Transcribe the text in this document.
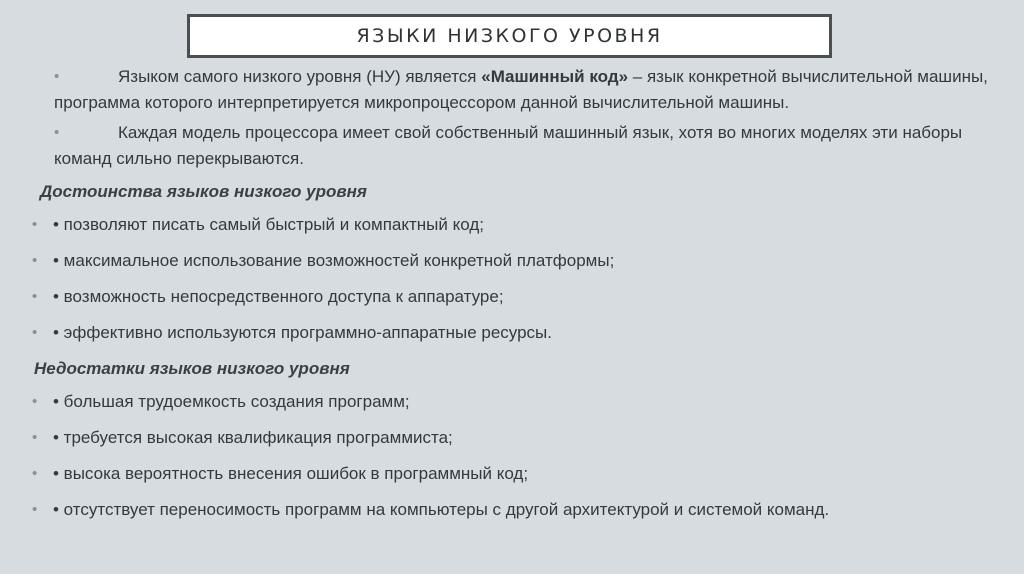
ЯЗЫКИ НИЗКОГО УРОВНЯ
•	Языком самого низкого уровня (НУ) является «Машинный код» – язык конкретной вычислительной машины, программа которого интерпретируется микропроцессором данной вычислительной машины.
•	Каждая модель процессора имеет свой собственный машинный язык, хотя во многих моделях эти наборы команд сильно перекрываются.
Достоинства языков низкого уровня
• • позволяют писать самый быстрый и компактный код;
• • максимальное использование возможностей конкретной платформы;
• • возможность непосредственного доступа к аппаратуре;
• • эффективно используются программно-аппаратные ресурсы.
Недостатки языков низкого уровня
• • большая трудоемкость создания программ;
• • требуется высокая квалификация программиста;
• • высока вероятность внесения ошибок в программный код;
• • отсутствует переносимость программ на компьютеры с другой архитектурой и системой команд.
